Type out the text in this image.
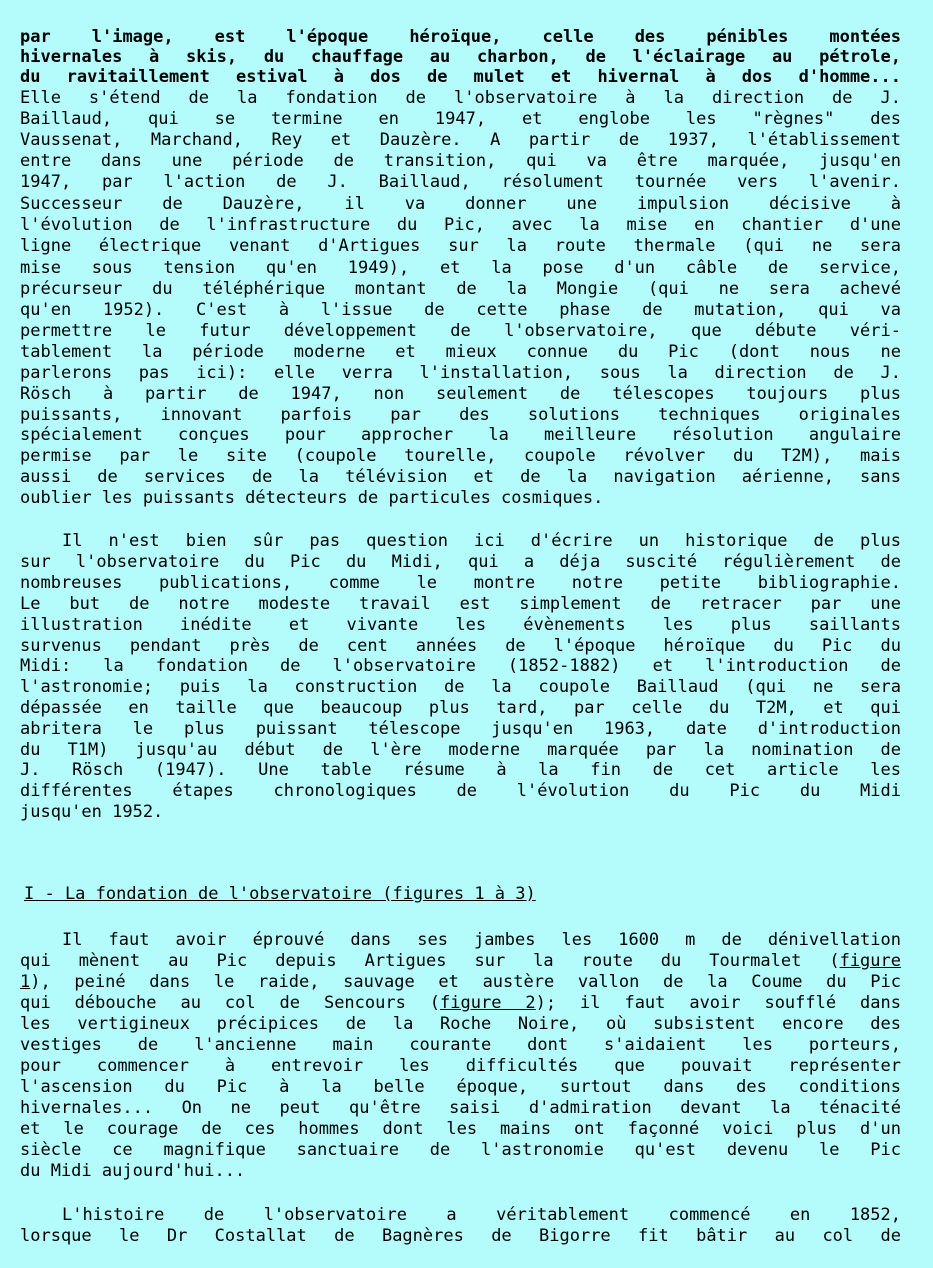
par l'image, est l'époque héroïque, celle des pénibles montées

hivernales à skis, du chauffage au charbon, de l'éclairage au pétrole,

du ravitaillement estival à dos de mulet et hivernal à dos d'homme...

Elle s'étend de la fondation de l'observatoire à la direction de J.

Baillaud, qui se termine en 1947, et englobe les "règnes" des

Vaussenat, Marchand, Rey et Dauzère. A partir de 1937, l'établissement

entre dans une période de transition, qui va être marquée, jusqu'en

1947, par l'action de J. Baillaud, résolument tournée vers l'avenir.

Successeur de Dauzère, il va donner une impulsion décisive à

l'évolution de l'infrastructure du Pic, avec la mise en chantier d'une

ligne électrique venant d'Artigues sur la route thermale (qui ne sera

mise sous tension qu'en 1949), et la pose d'un câble de service,

précurseur du téléphérique montant de la Mongie (qui ne sera achevé

qu'en 1952). C'est à l'issue de cette phase de mutation, qui va

permettre le futur développement de l'observatoire, que débute véri-

tablement la période moderne et mieux connue du Pic (dont nous ne

parlerons pas ici): elle verra l'installation, sous la direction de J.

Rösch à partir de 1947, non seulement de télescopes toujours plus

puissants, innovant parfois par des solutions techniques originales

spécialement conçues pour approcher la meilleure résolution angulaire

permise par le site (coupole tourelle, coupole révolver du T2M), mais

aussi de services de la télévision et de la navigation aérienne, sans

oublier les puissants détecteurs de particules cosmiques.

Il n'est bien sûr pas question ici d'écrire un historique de plus

sur l'observatoire du Pic du Midi, qui a déja suscité régulièrement de

nombreuses publications, comme le montre notre petite bibliographie.

Le but de notre modeste travail est simplement de retracer par une

illustration inédite et vivante les évènements les plus saillants

survenus pendant près de cent années de l'époque héroïque du Pic du

Midi: la fondation de l'observatoire (1852-1882) et l'introduction de

l'astronomie; puis la construction de la coupole Baillaud (qui ne sera

dépassée en taille que beaucoup plus tard, par celle du T2M, et qui

abritera le plus puissant télescope jusqu'en 1963, date d'introduction

du T1M) jusqu'au début de l'ère moderne marquée par la nomination de

J. Rösch (1947). Une table résume à la fin de cet article les

différentes étapes chronologiques de l'évolution du Pic du Midi

jusqu'en 1952.

I - La fondation de l'observatoire (figures 1 à 3)

Il faut avoir éprouvé dans ses jambes les 1600 m de dénivellation

qui mènent au Pic depuis Artigues sur la route du Tourmalet (figure

1), peiné dans le raide, sauvage et austère vallon de la Coume du Pic

qui débouche au col de Sencours (figure 2); il faut avoir soufflé dans

les vertigineux précipices de la Roche Noire, où subsistent encore des

vestiges de l'ancienne main courante dont s'aidaient les porteurs,

pour commencer à entrevoir les difficultés que pouvait représenter

l'ascension du Pic à la belle époque, surtout dans des conditions

hivernales... On ne peut qu'être saisi d'admiration devant la ténacité

et le courage de ces hommes dont les mains ont façonné voici plus d'un

siècle ce magnifique sanctuaire de l'astronomie qu'est devenu le Pic

du Midi aujourd'hui...

L'histoire de l'observatoire a véritablement commencé en 1852,

lorsque le Dr Costallat de Bagnères de Bigorre fit bâtir au col de
